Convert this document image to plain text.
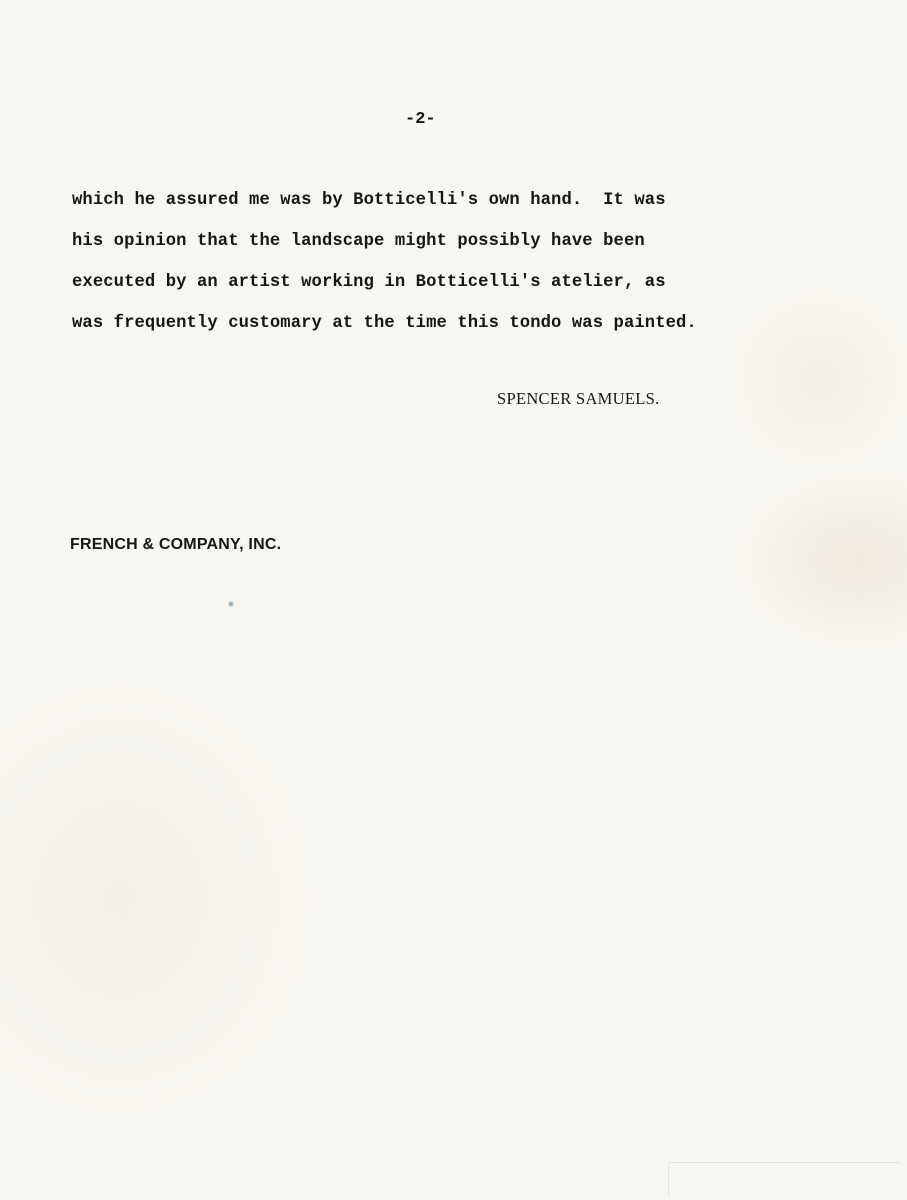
-2-
which he assured me was by Botticelli's own hand.  It was
his opinion that the landscape might possibly have been
executed by an artist working in Botticelli's atelier, as
was frequently customary at the time this tondo was painted.
SPENCER SAMUELS.
FRENCH & COMPANY, INC.
